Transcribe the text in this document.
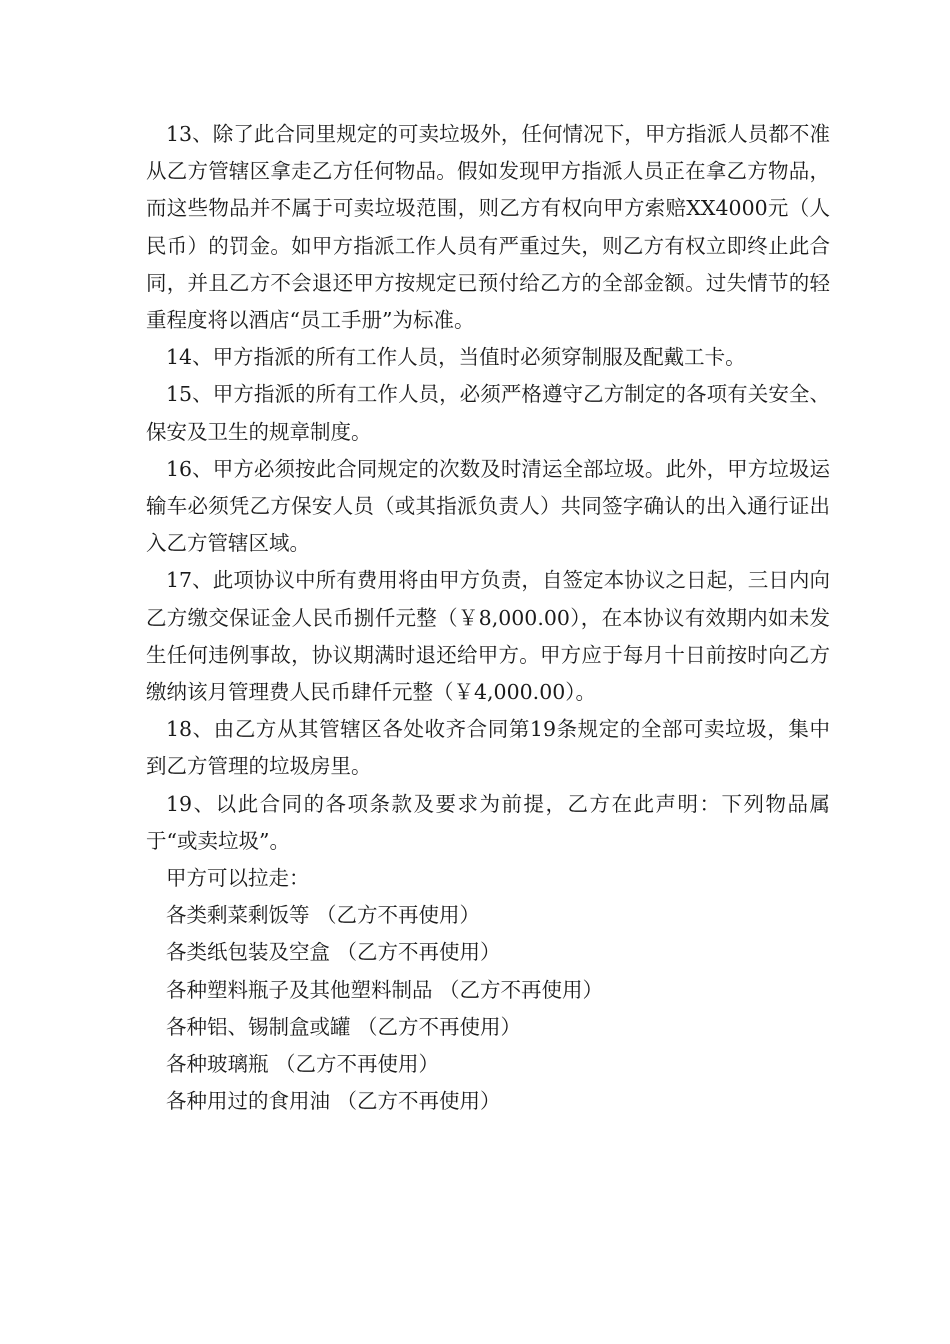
13、除了此合同里规定的可卖垃圾外，任何情况下，甲方指派人员都不准从乙方管辖区拿走乙方任何物品。假如发现甲方指派人员正在拿乙方物品，而这些物品并不属于可卖垃圾范围，则乙方有权向甲方索赔XX4000元（人民币）的罚金。如甲方指派工作人员有严重过失，则乙方有权立即终止此合同，并且乙方不会退还甲方按规定已预付给乙方的全部金额。过失情节的轻重程度将以酒店“员工手册”为标准。

14、甲方指派的所有工作人员，当值时必须穿制服及配戴工卡。

15、甲方指派的所有工作人员，必须严格遵守乙方制定的各项有关安全、保安及卫生的规章制度。

16、甲方必须按此合同规定的次数及时清运全部垃圾。此外，甲方垃圾运输车必须凭乙方保安人员（或其指派负责人）共同签字确认的出入通行证出入乙方管辖区域。

17、此项协议中所有费用将由甲方负责，自签定本协议之日起，三日内向乙方缴交保证金人民币捌仟元整（￥8,000.00），在本协议有效期内如未发生任何违例事故，协议期满时退还给甲方。甲方应于每月十日前按时向乙方缴纳该月管理费人民币肆仟元整（￥4,000.00）。

18、由乙方从其管辖区各处收齐合同第19条规定的全部可卖垃圾，集中到乙方管理的垃圾房里。

19、以此合同的各项条款及要求为前提，乙方在此声明：下列物品属于“或卖垃圾”。

甲方可以拉走：

各类剩菜剩饭等 （乙方不再使用）

各类纸包装及空盒 （乙方不再使用）

各种塑料瓶子及其他塑料制品 （乙方不再使用）

各种铝、锡制盒或罐 （乙方不再使用）

各种玻璃瓶 （乙方不再使用）

各种用过的食用油 （乙方不再使用）
